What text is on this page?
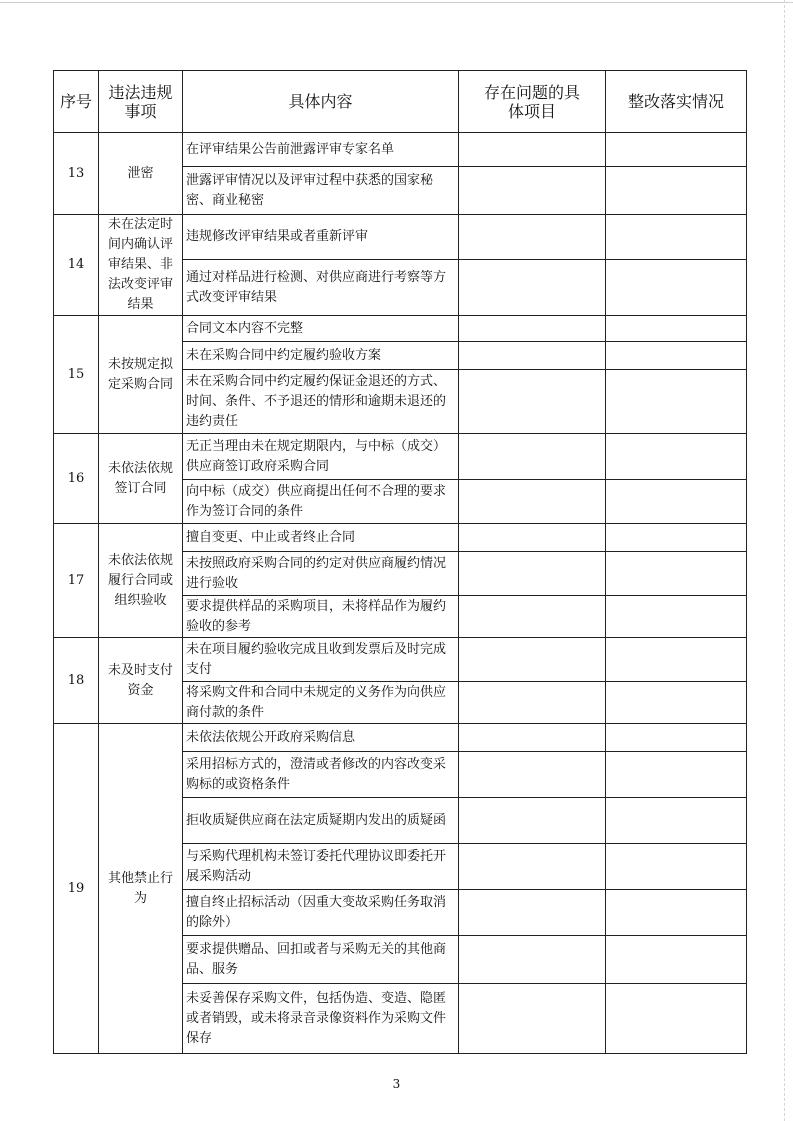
序号	违法违规事项	具体内容	存在问题的具体项目	整改落实情况
13	泄密	在评审结果公告前泄露评审专家名单		
		泄露评审情况以及评审过程中获悉的国家秘密、商业秘密		
14	未在法定时间内确认评审结果、非法改变评审结果	违规修改评审结果或者重新评审		
		通过对样品进行检测、对供应商进行考察等方式改变评审结果		
15	未按规定拟定采购合同	合同文本内容不完整		
		未在采购合同中约定履约验收方案		
		未在采购合同中约定履约保证金退还的方式、时间、条件、不予退还的情形和逾期未退还的违约责任		
16	未依法依规签订合同	无正当理由未在规定期限内，与中标（成交）供应商签订政府采购合同		
		向中标（成交）供应商提出任何不合理的要求作为签订合同的条件		
17	未依法依规履行合同或组织验收	擅自变更、中止或者终止合同		
		未按照政府采购合同的约定对供应商履约情况进行验收		
		要求提供样品的采购项目，未将样品作为履约验收的参考		
18	未及时支付资金	未在项目履约验收完成且收到发票后及时完成支付		
		将采购文件和合同中未规定的义务作为向供应商付款的条件		
19	其他禁止行为	未依法依规公开政府采购信息		
		采用招标方式的，澄清或者修改的内容改变采购标的或资格条件		
		拒收质疑供应商在法定质疑期内发出的质疑函		
		与采购代理机构未签订委托代理协议即委托开展采购活动		
		擅自终止招标活动（因重大变故采购任务取消的除外）		
		要求提供赠品、回扣或者与采购无关的其他商品、服务		
		未妥善保存采购文件，包括伪造、变造、隐匿或者销毁，或未将录音录像资料作为采购文件保存		
3
